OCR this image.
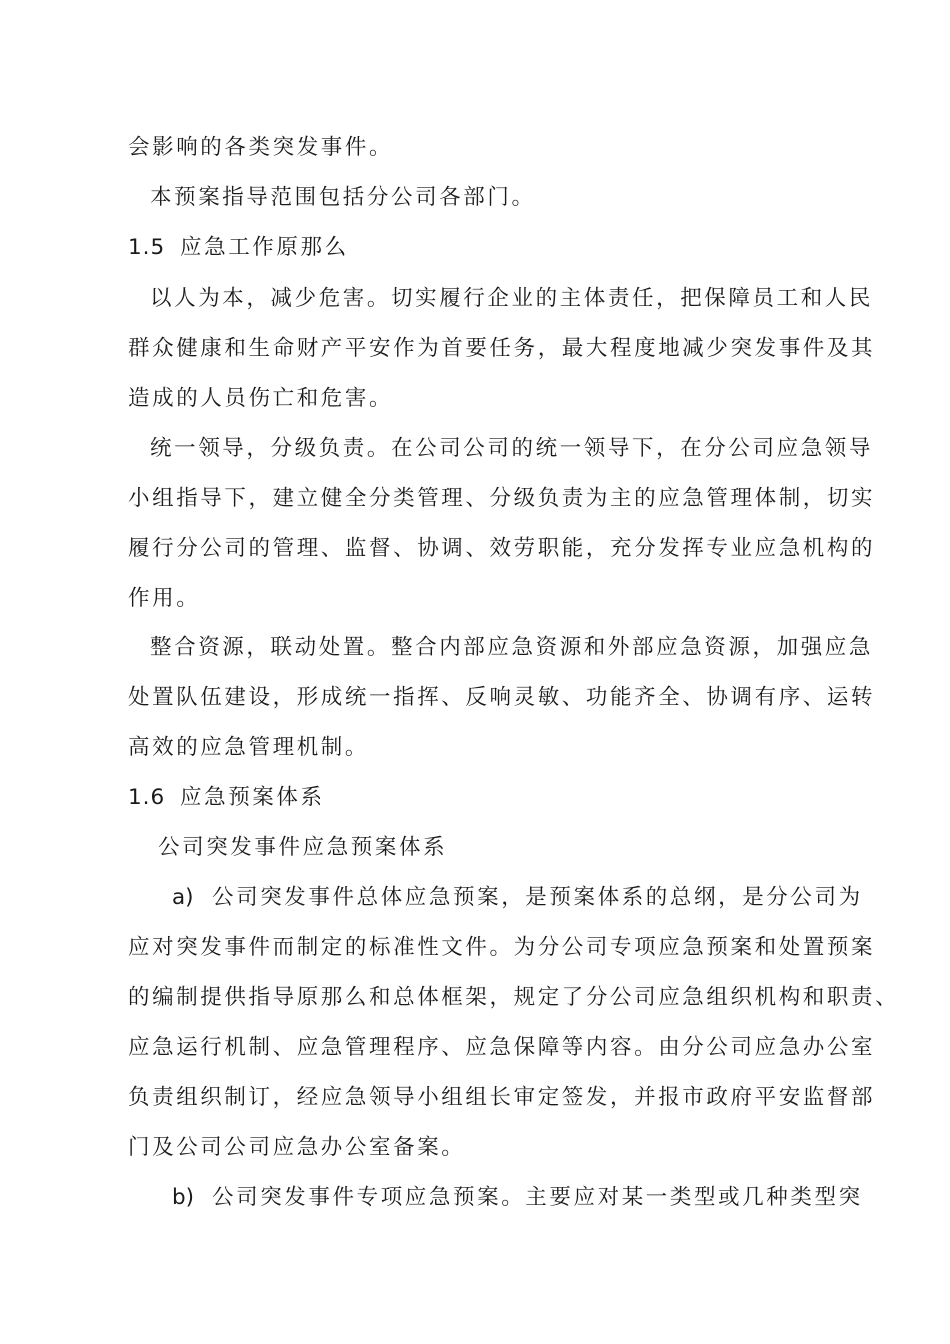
会影响的各类突发事件。
本预案指导范围包括分公司各部门。
1.5 应急工作原那么
以人为本，减少危害。切实履行企业的主体责任，把保障员工和人民
群众健康和生命财产平安作为首要任务，最大程度地减少突发事件及其
造成的人员伤亡和危害。
统一领导，分级负责。在公司公司的统一领导下，在分公司应急领导
小组指导下，建立健全分类管理、分级负责为主的应急管理体制，切实
履行分公司的管理、监督、协调、效劳职能，充分发挥专业应急机构的
作用。
整合资源，联动处置。整合内部应急资源和外部应急资源，加强应急
处置队伍建设，形成统一指挥、反响灵敏、功能齐全、协调有序、运转
高效的应急管理机制。
1.6 应急预案体系
公司突发事件应急预案体系
a) 公司突发事件总体应急预案，是预案体系的总纲，是分公司为
应对突发事件而制定的标准性文件。为分公司专项应急预案和处置预案
的编制提供指导原那么和总体框架，规定了分公司应急组织机构和职责、
应急运行机制、应急管理程序、应急保障等内容。由分公司应急办公室
负责组织制订，经应急领导小组组长审定签发，并报市政府平安监督部
门及公司公司应急办公室备案。
b) 公司突发事件专项应急预案。主要应对某一类型或几种类型突
